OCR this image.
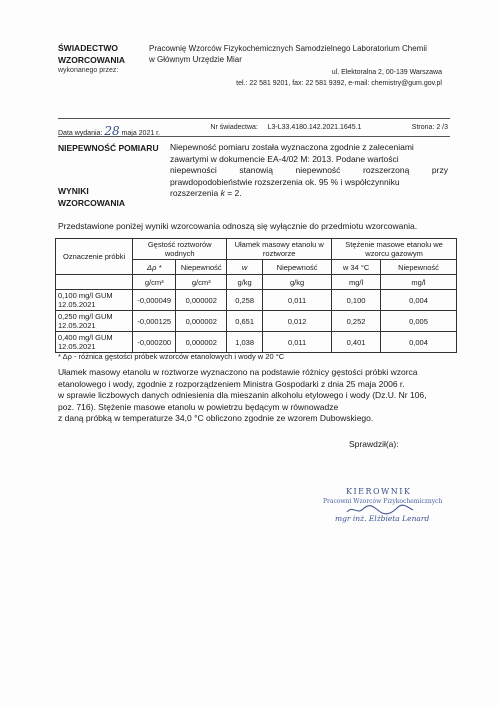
ŚWIADECTWO
WZORCOWANIA
wykonanego przez:
Pracownię Wzorców Fizykochemicznych Samodzielnego Laboratorium Chemii
w Głównym Urzędzie Miar
ul. Elektoralna 2, 00-139 Warszawa
tel.: 22 581 9201, fax: 22 581 9392, e-mail: chemistry@gum.gov.pl
Data wydania: 28 maja 2021 r.
Nr świadectwa: L3-L33.4180.142.2021.1645.1	Strona: 2 /3
NIEPEWNOŚĆ POMIARU Niepewność pomiaru została wyznaczona zgodnie z zaleceniami
zawartymi w dokumencie EA-4/02 M: 2013. Podane wartości
niepewności	stanowią	niepewność	rozszerzoną	przy
prawdopodobieństwie rozszerzenia ok. 95 % i współczynniku
rozszerzenia k = 2.
WYNIKI
WZORCOWANIA
Przedstawione poniżej wyniki wzorcowania odnoszą się wyłącznie do przedmiotu wzorcowania.
Oznaczenie próbki	Gęstość roztworów wodnych		Ułamek masowy etanolu w roztworze		Stężenie masowe etanolu we wzorcu gazowym	
	Δρ *	Niepewność	w	Niepewność	w 34 °C	Niepewność
	g/cm³	g/cm³	g/kg	g/kg	mg/l	mg/l
0,100 mg/l GUM 12.05.2021	-0,000049	0,000002	0,258	0,011	0,100	0,004
0,250 mg/l GUM 12.05.2021	-0,000125	0,000002	0,651	0,012	0,252	0,005
0,400 mg/l GUM 12.05.2021	-0,000200	0,000002	1,038	0,011	0,401	0,004
* Δρ - różnica gęstości próbek wzorców etanolowych i wody w 20 °C
Ułamek masowy etanolu w roztworze wyznaczono na podstawie różnicy gęstości próbki wzorca
etanolowego i wody, zgodnie z rozporządzeniem Ministra Gospodarki z dnia 25 maja 2006 r.
w sprawie liczbowych danych odniesienia dla mieszanin alkoholu etylowego i wody (Dz.U. Nr 106,
poz. 716). Stężenie masowe etanolu w powietrzu będącym w równowadze
z daną próbką w temperaturze 34,0 °C obliczono zgodnie ze wzorem Dubowskiego.
Sprawdził(a):
KIEROWNIK
Pracowni Wzorców Fizykochemicznych
mgr inż. Elżbieta Lenard
